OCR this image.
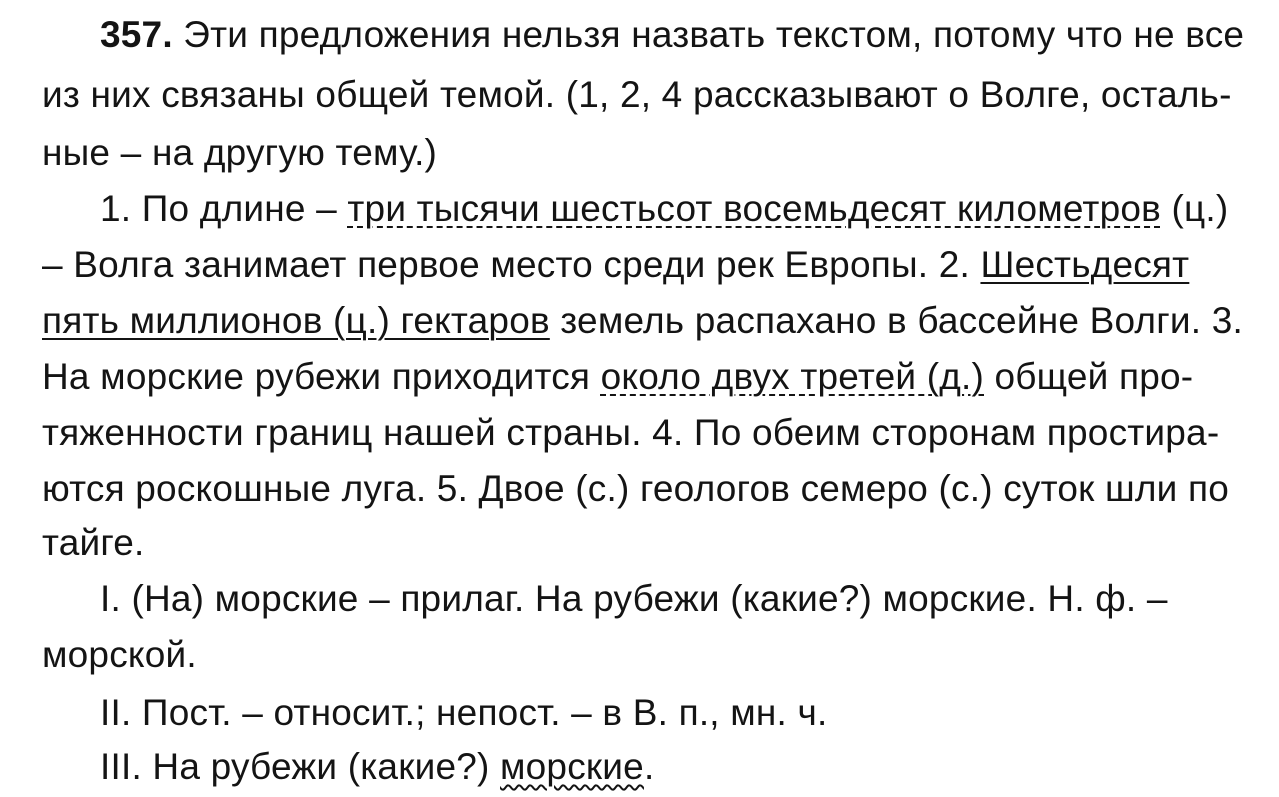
357. Эти предложения нельзя назвать текстом, потому что не все
из них связаны общей темой. (1, 2, 4 рассказывают о Волге, осталь-
ные – на другую тему.)
1. По длине – три тысячи шестьсот восемьдесят километров (ц.)
– Волга занимает первое место среди рек Европы. 2. Шестьдесят
пять миллионов (ц.) гектаров земель распахано в бассейне Волги. 3.
На морские рубежи приходится около двух третей (д.) общей про-
тяженности границ нашей страны. 4. По обеим сторонам простира-
ются роскошные луга. 5. Двое (с.) геологов семеро (с.) суток шли по
тайге.
I. (На) морские – прилаг. На рубежи (какие?) морские. Н. ф. –
морской.
II. Пост. – относит.; непост. – в В. п., мн. ч.
III. На рубежи (какие?) морские.
